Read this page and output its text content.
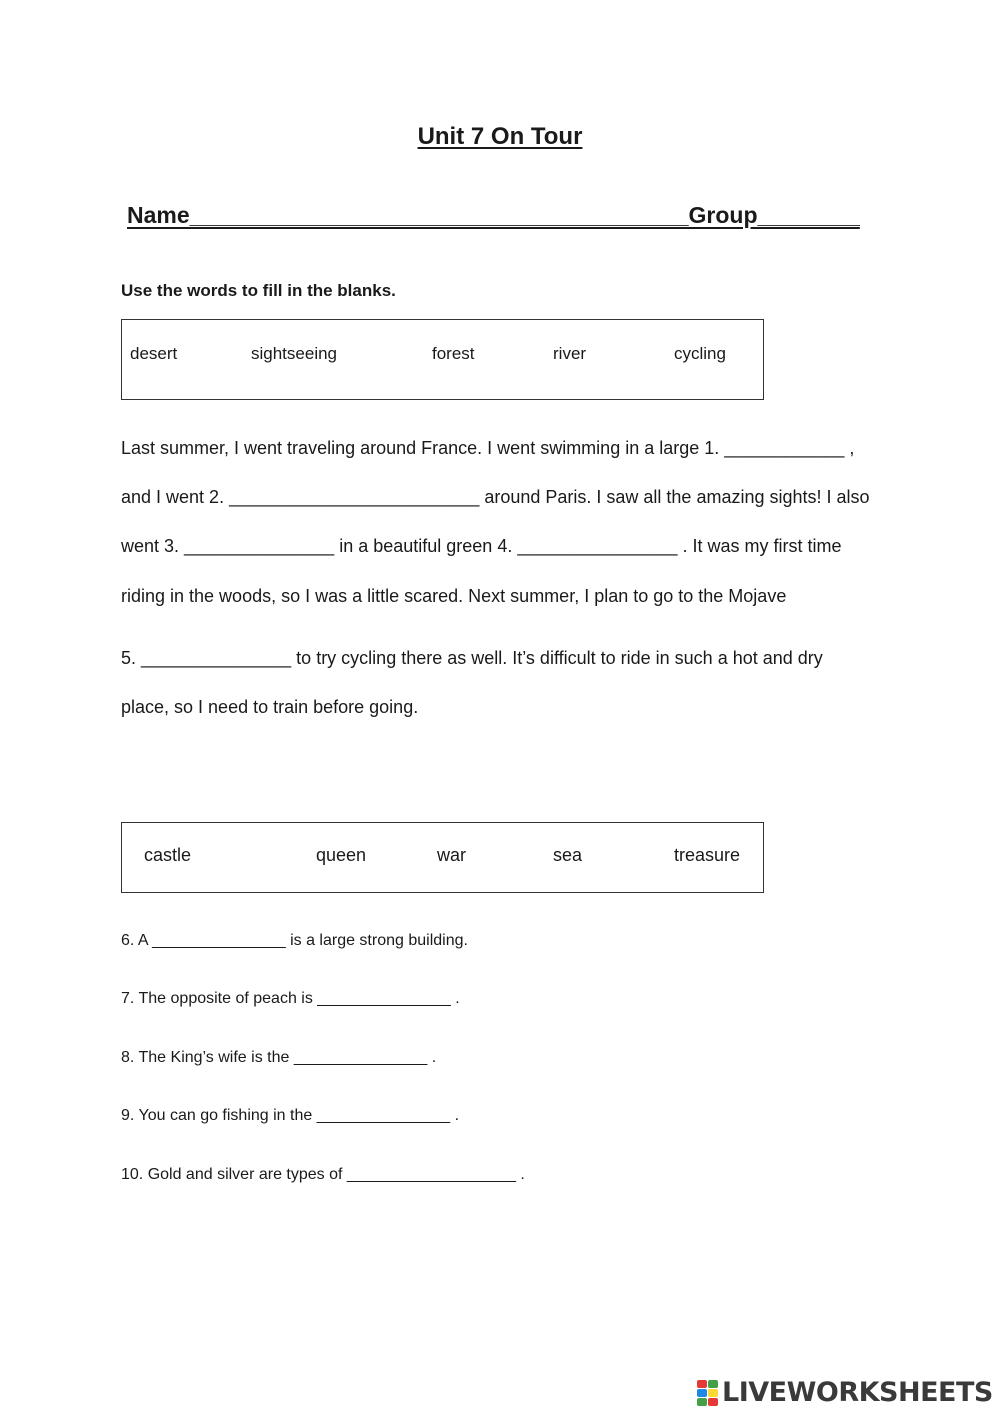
Unit 7 On Tour
Name_______________________________________Group________
Use the words to fill in the blanks.
desert	sightseeing	forest	river	cycling
Last summer, I went traveling around France. I went swimming in a large 1. ____________ ,
and I went 2. _________________________ around Paris. I saw all the amazing sights! I also
went 3. _______________ in a beautiful green 4. ________________ . It was my first time
riding in the woods, so I was a little scared. Next summer, I plan to go to the Mojave
5. _______________ to try cycling there as well. It’s difficult to ride in such a hot and dry
place, so I need to train before going.
castle	queen	war	sea	treasure
6. A _______________ is a large strong building.
7. The opposite of peach is _______________ .
8. The King’s wife is the _______________ .
9. You can go fishing in the _______________ .
10. Gold and silver are types of ___________________ .
LIVEWORKSHEETS
